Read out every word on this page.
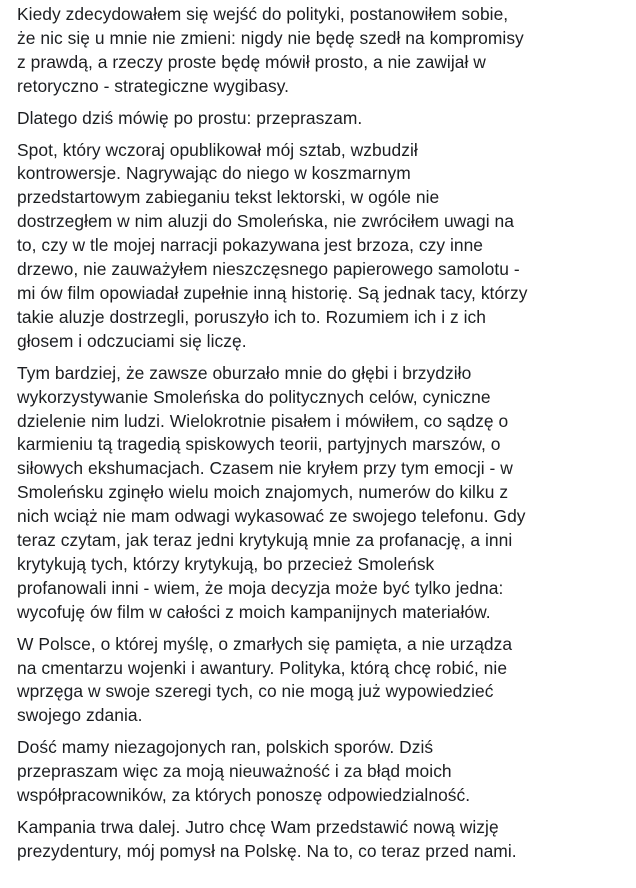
Kiedy zdecydowałem się wejść do polityki, postanowiłem sobie,
że nic się u mnie nie zmieni: nigdy nie będę szedł na kompromisy
z prawdą, a rzeczy proste będę mówił prosto, a nie zawijał w
retoryczno - strategiczne wygibasy.
Dlatego dziś mówię po prostu: przepraszam.
Spot, który wczoraj opublikował mój sztab, wzbudził
kontrowersje. Nagrywając do niego w koszmarnym
przedstartowym zabieganiu tekst lektorski, w ogóle nie
dostrzegłem w nim aluzji do Smoleńska, nie zwróciłem uwagi na
to, czy w tle mojej narracji pokazywana jest brzoza, czy inne
drzewo, nie zauważyłem nieszczęsnego papierowego samolotu -
mi ów film opowiadał zupełnie inną historię. Są jednak tacy, którzy
takie aluzje dostrzegli, poruszyło ich to. Rozumiem ich i z ich
głosem i odczuciami się liczę.
Tym bardziej, że zawsze oburzało mnie do głębi i brzydziło
wykorzystywanie Smoleńska do politycznych celów, cyniczne
dzielenie nim ludzi. Wielokrotnie pisałem i mówiłem, co sądzę o
karmieniu tą tragedią spiskowych teorii, partyjnych marszów, o
siłowych ekshumacjach. Czasem nie kryłem przy tym emocji - w
Smoleńsku zginęło wielu moich znajomych, numerów do kilku z
nich wciąż nie mam odwagi wykasować ze swojego telefonu. Gdy
teraz czytam, jak teraz jedni krytykują mnie za profanację, a inni
krytykują tych, którzy krytykują, bo przecież Smoleńsk
profanowali inni - wiem, że moja decyzja może być tylko jedna:
wycofuję ów film w całości z moich kampanijnych materiałów.
W Polsce, o której myślę, o zmarłych się pamięta, a nie urządza
na cmentarzu wojenki i awantury. Polityka, którą chcę robić, nie
wprzęga w swoje szeregi tych, co nie mogą już wypowiedzieć
swojego zdania.
Dość mamy niezagojonych ran, polskich sporów. Dziś
przepraszam więc za moją nieuważność i za błąd moich
współpracowników, za których ponoszę odpowiedzialność.
Kampania trwa dalej. Jutro chcę Wam przedstawić nową wizję
prezydentury, mój pomysł na Polskę. Na to, co teraz przed nami.
